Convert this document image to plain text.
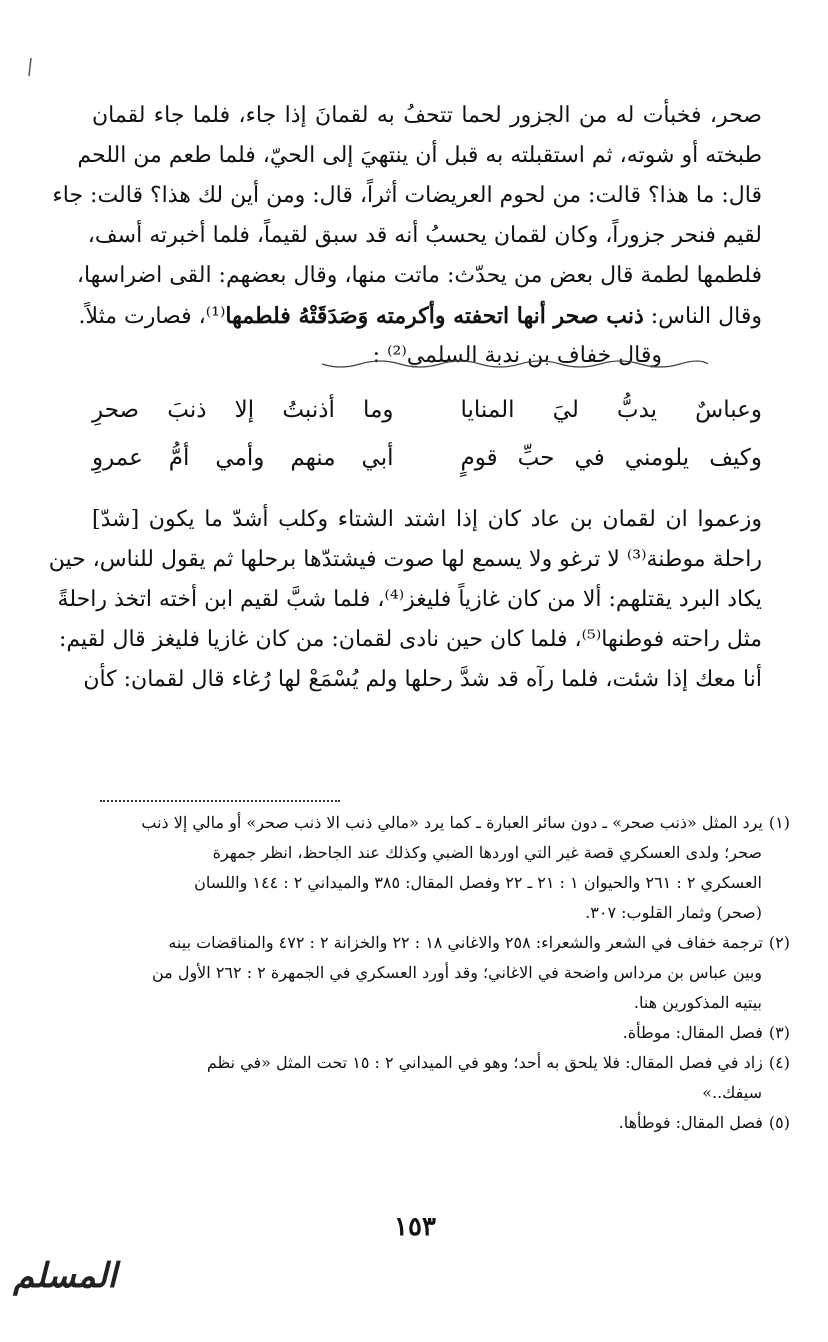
صحر، فخبأت له من الجزور لحما تتحفُ به لقمانَ إذا جاء، فلما جاء لقمان
طبخته أو شوته، ثم استقبلته به قبل أن ينتهيَ إلى الحيّ، فلما طعم من اللحم
قال: ما هذا؟ قالت: من لحوم العريضات أثراً، قال: ومن أين لك هذا؟ قالت: جاء
لقيم فنحر جزوراً، وكان لقمان يحسبُ أنه قد سبق لقيماً، فلما أخبرته أسف،
فلطمها لطمة قال بعض من يحدّث: ماتت منها، وقال بعضهم: القى اضراسها،
وقال الناس: ذنب صحر أنها اتحفته وأكرمته وَصَدَقَتْهُ فلطمها⁽¹⁾، فصارت مثلاً.
وقال خفاف بن ندبة السلمي⁽²⁾ :
وعباسٌ يدبُّ ليَ المنايا
وما أذنبتُ إلا ذنبَ صحرِ
وكيف يلومني في حبِّ قومٍ
أبي منهم وأمي أمُّ عمروِ
وزعموا ان لقمان بن عاد كان إذا اشتد الشتاء وكلب أشدّ ما يكون [شدّ]
راحلة موطنة⁽³⁾ لا ترغو ولا يسمع لها صوت فيشتدّها برحلها ثم يقول للناس، حين
يكاد البرد يقتلهم: ألا من كان غازياً فليغز⁽⁴⁾، فلما شبَّ لقيم ابن أخته اتخذ راحلةً
مثل راحته فوطنها⁽⁵⁾، فلما كان حين نادى لقمان: من كان غازيا فليغز قال لقيم:
أنا معك إذا شئت، فلما رآه قد شدَّ رحلها ولم يُسْمَعْ لها رُغاء قال لقمان: كأن

(١)يرد المثل «ذنب صحر» ـ دون سائر العبارة ـ كما يرد «مالي ذنب الا ذنب صحر» أو مالي إلا ذنب
صحر؛ ولدى العسكري قصة غير التي اوردها الضبي وكذلك عند الجاحظ، انظر جمهرة
العسكري ٢ : ٢٦١ والحيوان ١ : ٢١ ـ ٢٢ وفصل المقال: ٣٨٥ والميداني ٢ : ١٤٤ واللسان
(صحر) وثمار القلوب: ٣٠٧.

(٢)ترجمة خفاف في الشعر والشعراء: ٢٥٨ والاغاني ١٨ : ٢٢ والخزانة ٢ : ٤٧٢ والمناقضات بينه
وبين عباس بن مرداس واضحة في الاغاني؛ وقد أورد العسكري في الجمهرة ٢ : ٢٦٢ الأول من
بيتيه المذكورين هنا.

(٣)فصل المقال: موطأة.

(٤)زاد في فصل المقال: فلا يلحق به أحد؛ وهو في الميداني ٢ : ١٥ تحت المثل «في نظم
سيفك..»

(٥)فصل المقال: فوطأها.

١٥٣
المسلم
